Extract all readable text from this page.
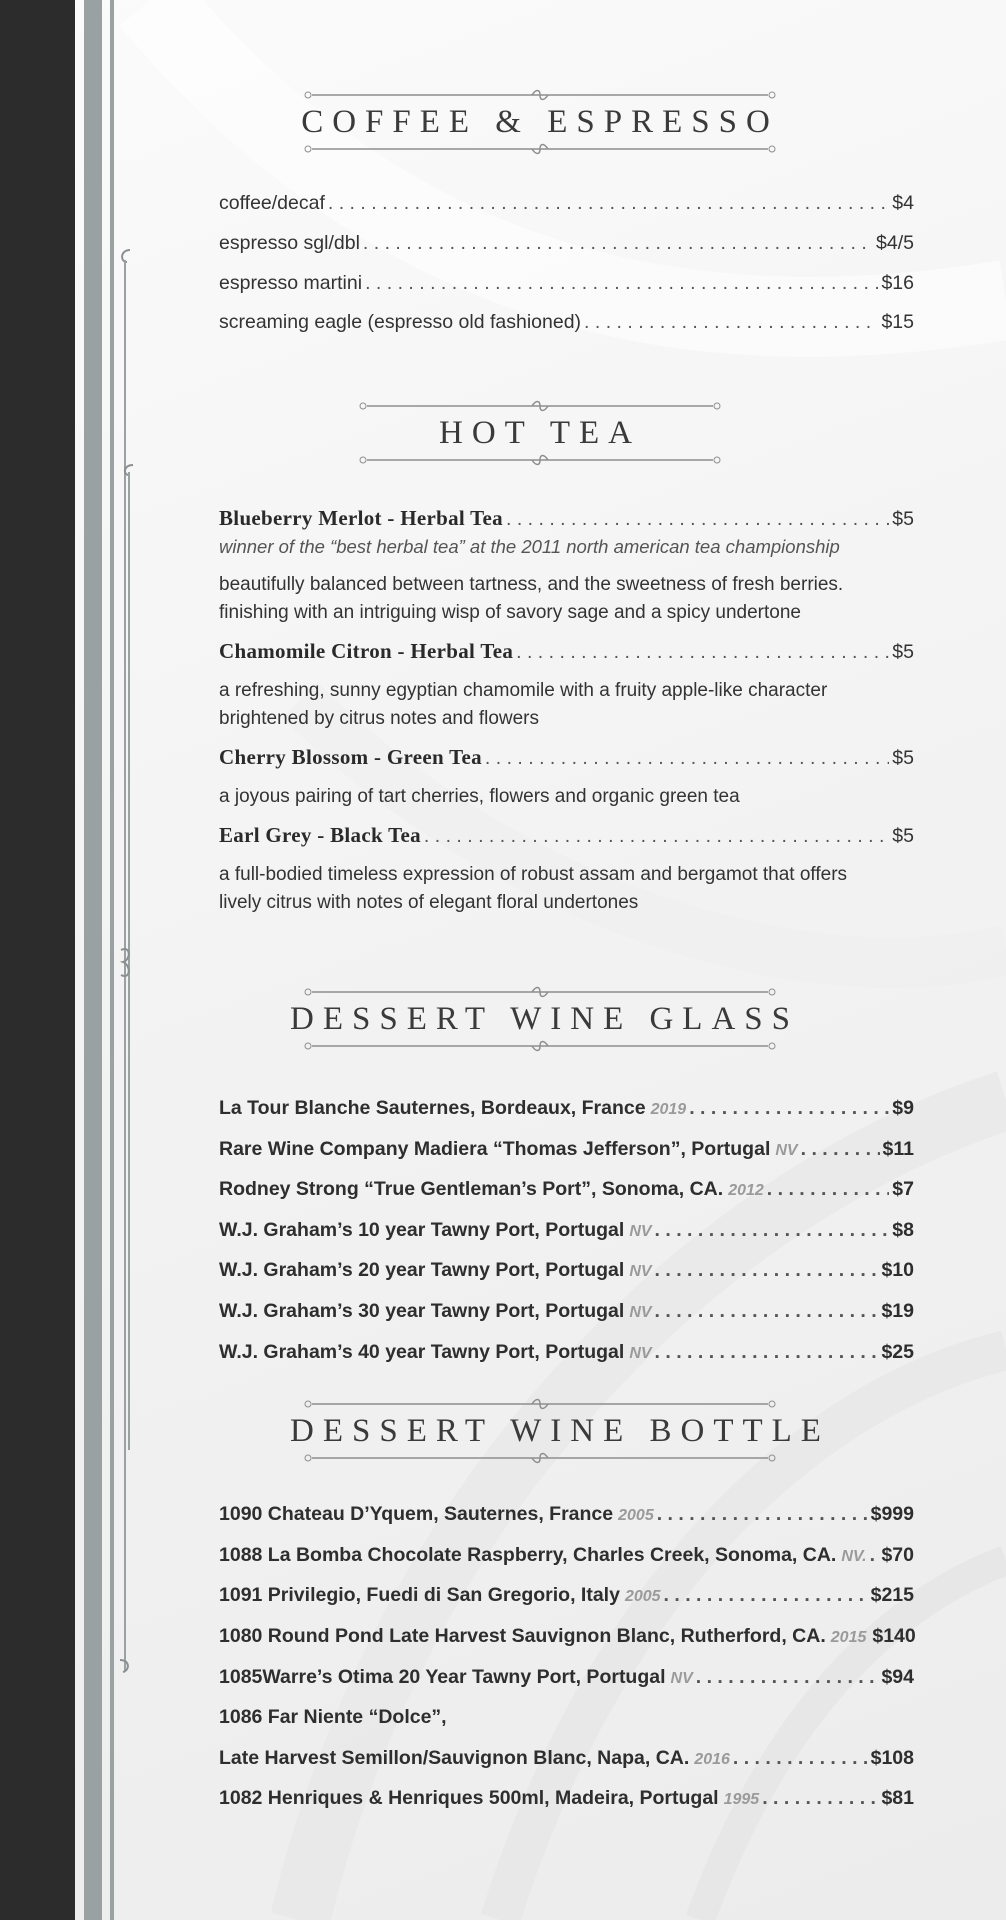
COFFEE & ESPRESSO
coffee/decaf . . .	$4
espresso sgl/dbl . . .	$4/5
espresso martini . . .	$16
screaming eagle (espresso old fashioned) . . .	$15
HOT TEA
Blueberry Merlot - Herbal Tea . . .	$5
winner of the “best herbal tea” at the 2011 north american tea championship
beautifully balanced between tartness, and the sweetness of fresh berries.
finishing with an intriguing wisp of savory sage and a spicy undertone
Chamomile Citron - Herbal Tea . . .	$5
a refreshing, sunny egyptian chamomile with a fruity apple-like character
brightened by citrus notes and flowers
Cherry Blossom - Green Tea . . .	$5
a joyous pairing of tart cherries, flowers and organic green tea
Earl Grey - Black Tea . . .	$5
a full-bodied timeless expression of robust assam and bergamot that offers
lively citrus with notes of elegant floral undertones
DESSERT WINE GLASS
La Tour Blanche Sauternes, Bordeaux, France 2019 . . .	$9
Rare Wine Company Madiera “Thomas Jefferson”, Portugal NV . . .	$11
Rodney Strong “True Gentleman’s Port”, Sonoma, CA. 2012 . . .	$7
W.J. Graham’s 10 year Tawny Port, Portugal NV . . .	$8
W.J. Graham’s 20 year Tawny Port, Portugal NV . . .	$10
W.J. Graham’s 30 year Tawny Port, Portugal NV . . .	$19
W.J. Graham’s 40 year Tawny Port, Portugal NV . . .	$25
DESSERT WINE BOTTLE
1090 Chateau D’Yquem, Sauternes, France 2005 . . .	$999
1088 La Bomba Chocolate Raspberry, Charles Creek, Sonoma, CA. NV. . . . $70
1091 Privilegio, Fuedi di San Gregorio, Italy 2005 . . .	$215
1080 Round Pond Late Harvest Sauvignon Blanc, Rutherford, CA. 2015 $140
1085Warre’s Otima 20 Year Tawny Port, Portugal NV . . .	$94
1086 Far Niente “Dolce”,
Late Harvest Semillon/Sauvignon Blanc, Napa, CA. 2016 . . .	$108
1082 Henriques & Henriques 500ml, Madeira, Portugal 1995 . . .	$81
